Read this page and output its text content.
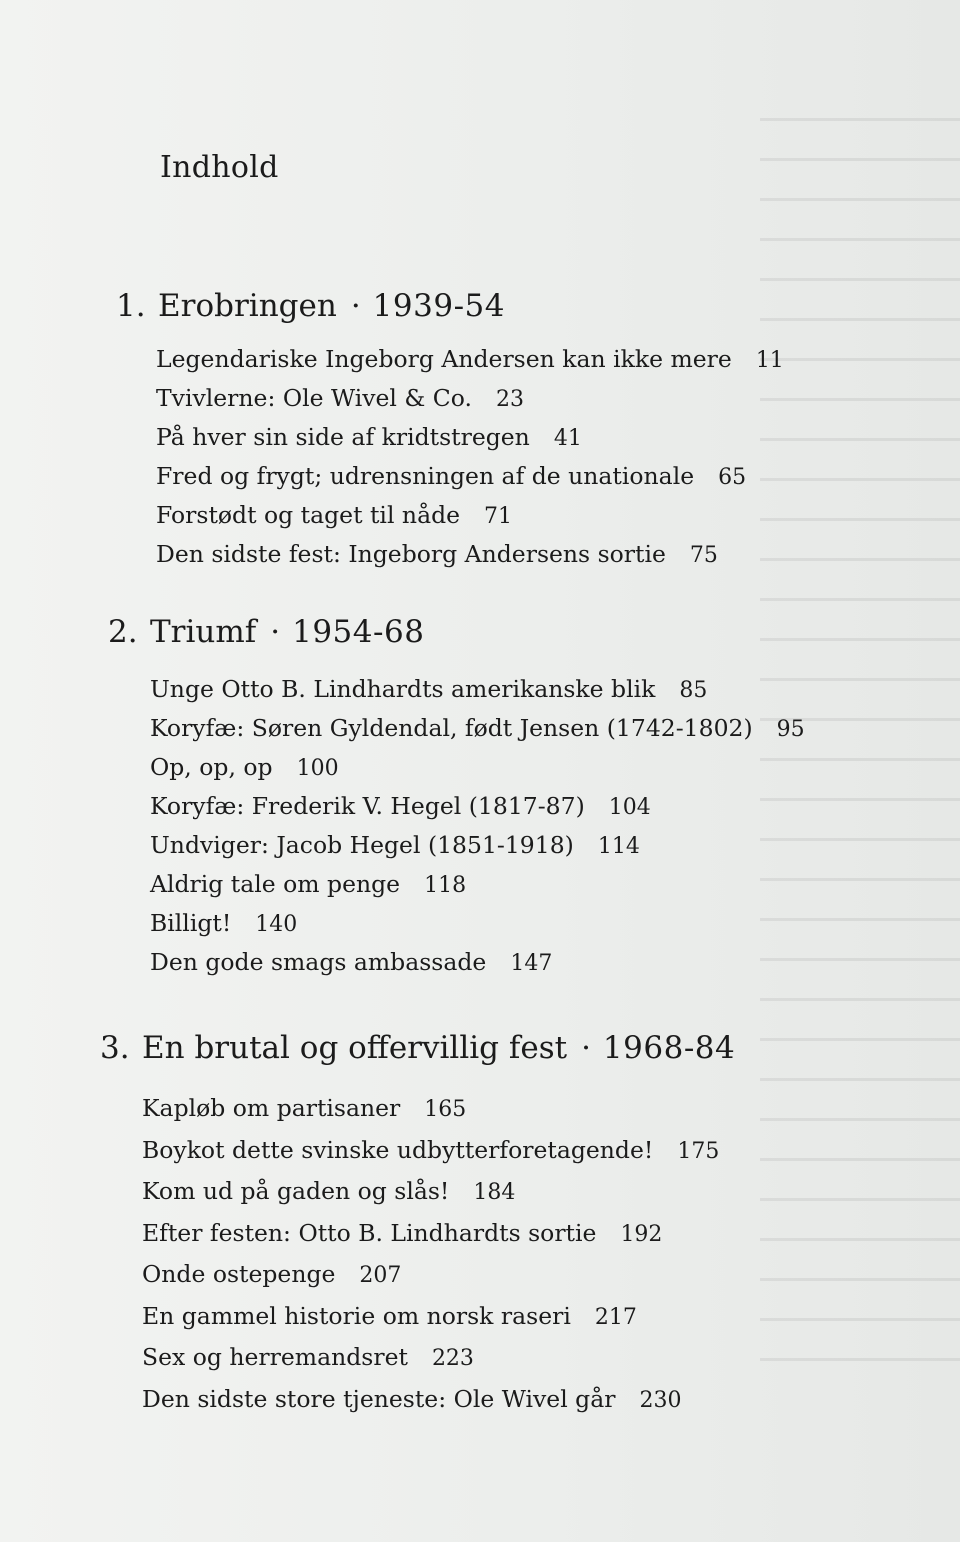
Indhold
1. Erobringen · 1939-54
Legendariske Ingeborg Andersen kan ikke mere 11
Tvivlerne: Ole Wivel & Co. 23
På hver sin side af kridtstregen 41
Fred og frygt; udrensningen af de unationale 65
Forstødt og taget til nåde 71
Den sidste fest: Ingeborg Andersens sortie 75
2. Triumf · 1954-68
Unge Otto B. Lindhardts amerikanske blik 85
Koryfæ: Søren Gyldendal, født Jensen (1742-1802) 95
Op, op, op 100
Koryfæ: Frederik V. Hegel (1817-87) 104
Undviger: Jacob Hegel (1851-1918) 114
Aldrig tale om penge 118
Billigt! 140
Den gode smags ambassade 147
3. En brutal og offervillig fest · 1968-84
Kapløb om partisaner 165
Boykot dette svinske udbytterforetagende! 175
Kom ud på gaden og slås! 184
Efter festen: Otto B. Lindhardts sortie 192
Onde ostepenge 207
En gammel historie om norsk raseri 217
Sex og herremandsret 223
Den sidste store tjeneste: Ole Wivel går 230
